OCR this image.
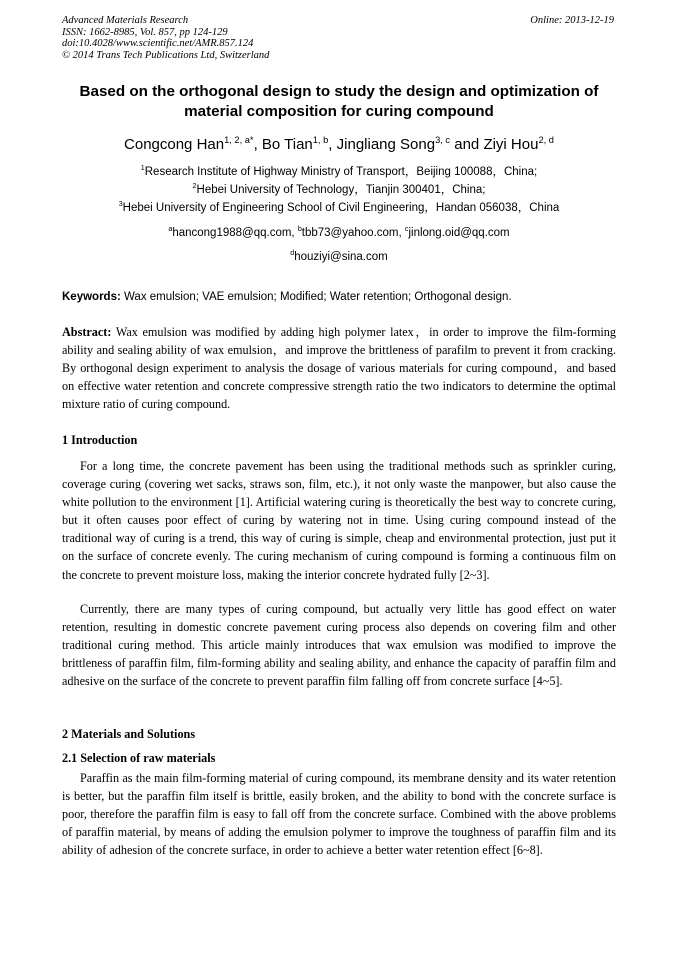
Advanced Materials Research
ISSN: 1662-8985, Vol. 857, pp 124-129
doi:10.4028/www.scientific.net/AMR.857.124
© 2014 Trans Tech Publications Ltd, Switzerland
Online: 2013-12-19
Based on the orthogonal design to study the design and optimization of material composition for curing compound
Congcong Han$^{1, 2, a*}$, Bo Tian$^{1, b}$, Jingliang Song$^{3, c}$ and Ziyi Hou$^{2, d}$
$^1$Research Institute of Highway Ministry of Transport，Beijing 100088，China;
$^2$Hebei University of Technology，Tianjin 300401，China;
$^3$Hebei University of Engineering School of Civil Engineering，Handan 056038，China
$^a$hancong1988@qq.com, $^b$tbb73@yahoo.com, $^c$jinlong.oid@qq.com
$^d$houziyi@sina.com
Keywords: Wax emulsion; VAE emulsion; Modified; Water retention; Orthogonal design.
Abstract: Wax emulsion was modified by adding high polymer latex，in order to improve the film-forming ability and sealing ability of wax emulsion，and improve the brittleness of parafilm to prevent it from cracking. By orthogonal design experiment to analysis the dosage of various materials for curing compound，and based on effective water retention and concrete compressive strength ratio the two indicators to determine the optimal mixture ratio of curing compound.
1 Introduction
For a long time, the concrete pavement has been using the traditional methods such as sprinkler curing, coverage curing (covering wet sacks, straws son, film, etc.), it not only waste the manpower, but also cause the white pollution to the environment [1]. Artificial watering curing is theoretically the best way to concrete curing, but it often causes poor effect of curing by watering not in time. Using curing compound instead of the traditional way of curing is a trend, this way of curing is simple, cheap and environmental protection, just put it on the surface of concrete evenly. The curing mechanism of curing compound is forming a continuous film on the concrete to prevent moisture loss, making the interior concrete hydrated fully [2~3].
Currently, there are many types of curing compound, but actually very little has good effect on water retention, resulting in domestic concrete pavement curing process also depends on covering film and other traditional curing method. This article mainly introduces that wax emulsion was modified to improve the brittleness of paraffin film, film-forming ability and sealing ability, and enhance the capacity of paraffin film and adhesive on the surface of the concrete to prevent paraffin film falling off from concrete surface [4~5].
2 Materials and Solutions
2.1 Selection of raw materials
Paraffin as the main film-forming material of curing compound, its membrane density and its water retention is better, but the paraffin film itself is brittle, easily broken, and the ability to bond with the concrete surface is poor, therefore the paraffin film is easy to fall off from the concrete surface. Combined with the above problems of paraffin material, by means of adding the emulsion polymer to improve the toughness of paraffin film and its ability of adhesion of the concrete surface, in order to achieve a better water retention effect [6~8].
